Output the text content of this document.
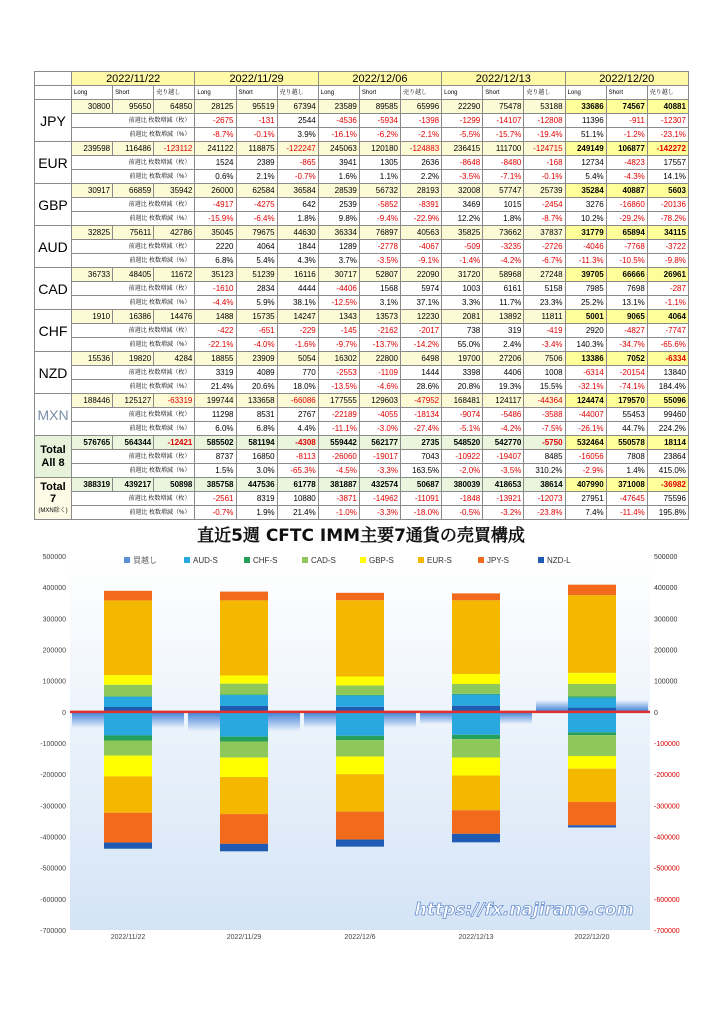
	2022/11/22			2022/11/29			2022/12/06			2022/12/13			2022/12/20		
	Long	Short	売り越し	Long	Short	売り越し	Long	Short	売り越し	Long	Short	売り越し	Long	Short	売り越し
JPY	30800	95650	64850	28125	95519	67394	23589	89585	65996	22290	75478	53188	33686	74567	40881
	前週比 枚数増減（枚）			-2675	-131	2544	-4536	-5934	-1398	-1299	-14107	-12808	11396	-911	-12307
	前週比 枚数増減（%）			-8.7%	-0.1%	3.9%	-16.1%	-6.2%	-2.1%	-5.5%	-15.7%	-19.4%	51.1%	-1.2%	-23.1%
EUR	239598	116486	-123112	241122	118875	-122247	245063	120180	-124883	236415	111700	-124715	249149	106877	-142272
	前週比 枚数増減（枚）			1524	2389	-865	3941	1305	2636	-8648	-8480	-168	12734	-4823	17557
	前週比 枚数増減（%）			0.6%	2.1%	-0.7%	1.6%	1.1%	2.2%	-3.5%	-7.1%	-0.1%	5.4%	-4.3%	14.1%
GBP	30917	66859	35942	26000	62584	36584	28539	56732	28193	32008	57747	25739	35284	40887	5603
	前週比 枚数増減（枚）			-4917	-4275	642	2539	-5852	-8391	3469	1015	-2454	3276	-16860	-20136
	前週比 枚数増減（%）			-15.9%	-6.4%	1.8%	9.8%	-9.4%	-22.9%	12.2%	1.8%	-8.7%	10.2%	-29.2%	-78.2%
AUD	32825	75611	42786	35045	79675	44630	36334	76897	40563	35825	73662	37837	31779	65894	34115
	前週比 枚数増減（枚）			2220	4064	1844	1289	-2778	-4067	-509	-3235	-2726	-4046	-7768	-3722
	前週比 枚数増減（%）			6.8%	5.4%	4.3%	3.7%	-3.5%	-9.1%	-1.4%	-4.2%	-6.7%	-11.3%	-10.5%	-9.8%
CAD	36733	48405	11672	35123	51239	16116	30717	52807	22090	31720	58968	27248	39705	66666	26961
	前週比 枚数増減（枚）			-1610	2834	4444	-4406	1568	5974	1003	6161	5158	7985	7698	-287
	前週比 枚数増減（%）			-4.4%	5.9%	38.1%	-12.5%	3.1%	37.1%	3.3%	11.7%	23.3%	25.2%	13.1%	-1.1%
CHF	1910	16386	14476	1488	15735	14247	1343	13573	12230	2081	13892	11811	5001	9065	4064
	前週比 枚数増減（枚）			-422	-651	-229	-145	-2162	-2017	738	319	-419	2920	-4827	-7747
	前週比 枚数増減（%）			-22.1%	-4.0%	-1.6%	-9.7%	-13.7%	-14.2%	55.0%	2.4%	-3.4%	140.3%	-34.7%	-65.6%
NZD	15536	19820	4284	18855	23909	5054	16302	22800	6498	19700	27206	7506	13386	7052	-6334
	前週比 枚数増減（枚）			3319	4089	770	-2553	-1109	1444	3398	4406	1008	-6314	-20154	13840
	前週比 枚数増減（%）			21.4%	20.6%	18.0%	-13.5%	-4.6%	28.6%	20.8%	19.3%	15.5%	-32.1%	-74.1%	184.4%
MXN	188446	125127	-63319	199744	133658	-66086	177555	129603	-47952	168481	124117	-44364	124474	179570	55096
	前週比 枚数増減（枚）			11298	8531	2767	-22189	-4055	-18134	-9074	-5486	-3588	-44007	55453	99460
	前週比 枚数増減（%）			6.0%	6.8%	4.4%	-11.1%	-3.0%	-27.4%	-5.1%	-4.2%	-7.5%	-26.1%	44.7%	224.2%
Total
All 8	576765	564344	-12421	585502	581194	-4308	559442	562177	2735	548520	542770	-5750	532464	550578	18114
	前週比 枚数増減（枚）			8737	16850	-8113	-26060	-19017	7043	-10922	-19407	8485	-16056	7808	23864
	前週比 枚数増減（%）			1.5%	3.0%	-65.3%	-4.5%	-3.3%	163.5%	-2.0%	-3.5%	310.2%	-2.9%	1.4%	415.0%
Total
7
(MXN除く)	388319	439217	50898	385758	447536	61778	381887	432574	50687	380039	418653	38614	407990	371008	-36982
	前週比 枚数増減（枚）			-2561	8319	10880	-3871	-14962	-11091	-1848	-13921	-12073	27951	-47645	75596
	前週比 枚数増減（%）			-0.7%	1.9%	21.4%	-1.0%	-3.3%	-18.0%	-0.5%	-3.2%	-23.8%	7.4%	-11.4%	195.8%
直近5週 CFTC IMM主要7通貨の売買構成
買越し	AUD-S	CHF-S	CAD-S	GBP-S	EUR-S	JPY-S	NZD-L
500000
400000
300000
200000
100000
0
-100000
-200000
-300000
-400000
-500000
-600000
-700000
500000
400000
300000
200000
100000
0
-100000
-200000
-300000
-400000
-500000
-600000
-700000
2022/11/22	2022/11/29	2022/12/6	2022/12/13	2022/12/20
https://fx.najirane.com
